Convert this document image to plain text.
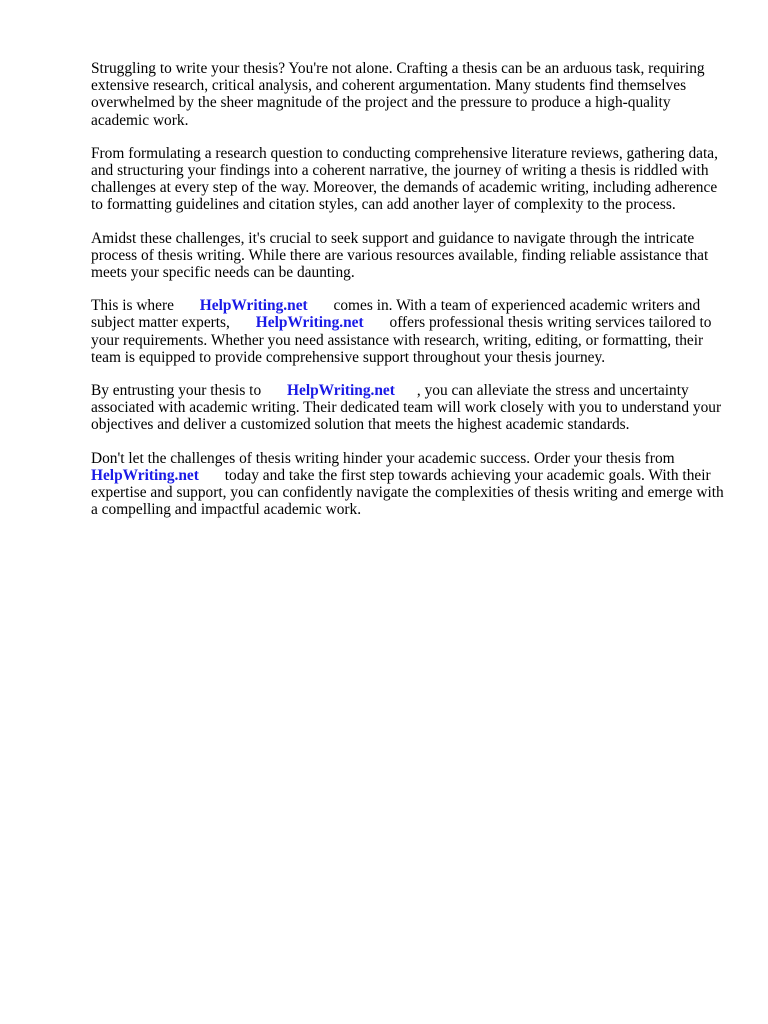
Struggling to write your thesis? You're not alone. Crafting a thesis can be an arduous task, requiring extensive research, critical analysis, and coherent argumentation. Many students find themselves overwhelmed by the sheer magnitude of the project and the pressure to produce a high-quality academic work.

From formulating a research question to conducting comprehensive literature reviews, gathering data, and structuring your findings into a coherent narrative, the journey of writing a thesis is riddled with challenges at every step of the way. Moreover, the demands of academic writing, including adherence to formatting guidelines and citation styles, can add another layer of complexity to the process.

Amidst these challenges, it's crucial to seek support and guidance to navigate through the intricate process of thesis writing. While there are various resources available, finding reliable assistance that meets your specific needs can be daunting.

This is where HelpWriting.net comes in. With a team of experienced academic writers and subject matter experts, HelpWriting.net offers professional thesis writing services tailored to your requirements. Whether you need assistance with research, writing, editing, or formatting, their team is equipped to provide comprehensive support throughout your thesis journey.

By entrusting your thesis to HelpWriting.net , you can alleviate the stress and uncertainty associated with academic writing. Their dedicated team will work closely with you to understand your objectives and deliver a customized solution that meets the highest academic standards.

Don't let the challenges of thesis writing hinder your academic success. Order your thesis from HelpWriting.net today and take the first step towards achieving your academic goals. With their expertise and support, you can confidently navigate the complexities of thesis writing and emerge with a compelling and impactful academic work.
